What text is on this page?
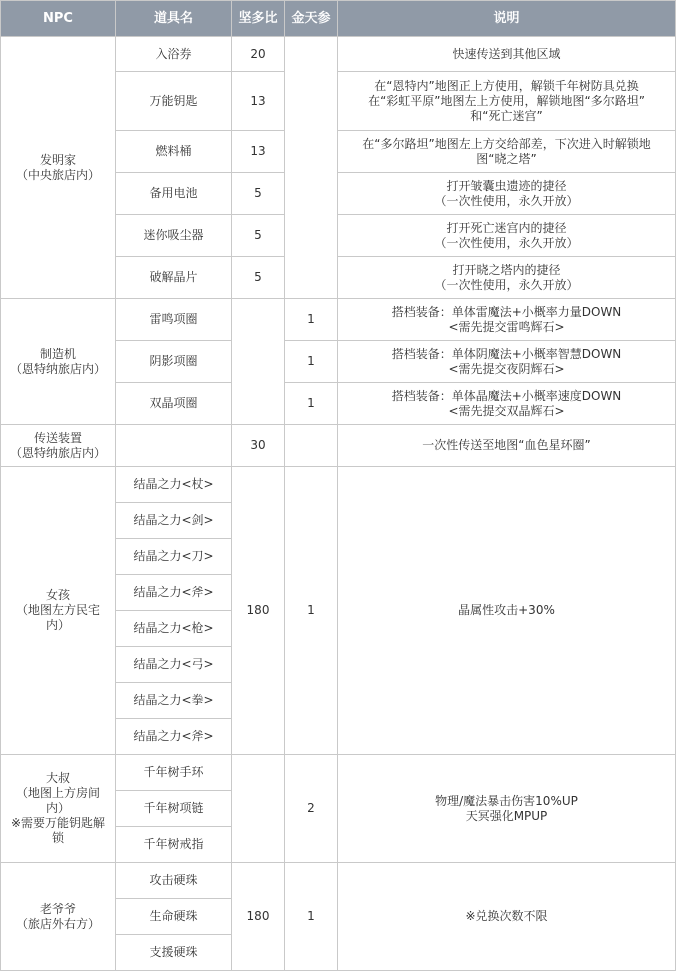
NPC	道具名	坚多比	金天参	说明

发明家
（中央旅店内）	入浴券	20		快速传送到其他区域

	万能钥匙	13		在“恩特内”地图正上方使用，解锁千年树防具兑换
在“彩虹平原”地图左上方使用，解锁地图“多尔路坦”
和“死亡迷宫”

	燃料桶	13		在“多尔路坦”地图左上方交给部差，下次进入时解锁地
图“晓之塔”

	备用电池	5		打开皱囊虫遗迹的捷径
（一次性使用，永久开放）

	迷你吸尘器	5		打开死亡迷宫内的捷径
（一次性使用，永久开放）

	破解晶片	5		打开晓之塔内的捷径
（一次性使用，永久开放）

制造机
（恩特纳旅店内）	雷鸣项圈		1	搭档装备：单体雷魔法+小概率力量DOWN
<需先提交雷鸣辉石>

	阴影项圈		1	搭档装备：单体阴魔法+小概率智慧DOWN
<需先提交夜阴辉石>

	双晶项圈		1	搭档装备：单体晶魔法+小概率速度DOWN
<需先提交双晶辉石>

传送装置
（恩特纳旅店内）		30		一次性传送至地图“血色星环圈”

女孩
（地图左方民宅
内）	结晶之力<杖>	180	1	晶属性攻击+30%

	结晶之力<剑>			
	结晶之力<刀>			
	结晶之力<斧>			
	结晶之力<枪>			
	结晶之力<弓>			
	结晶之力<拳>			
	结晶之力<斧>			

大叔
（地图上方房间
内）
※需要万能钥匙解
锁	千年树手环		2	物理/魔法暴击伤害10%UP
天冥强化MPUP

	千年树项链			
	千年树戒指			

老爷爷
（旅店外右方）	攻击硬珠	180	1	※兑换次数不限

	生命硬珠			
	支援硬珠			
